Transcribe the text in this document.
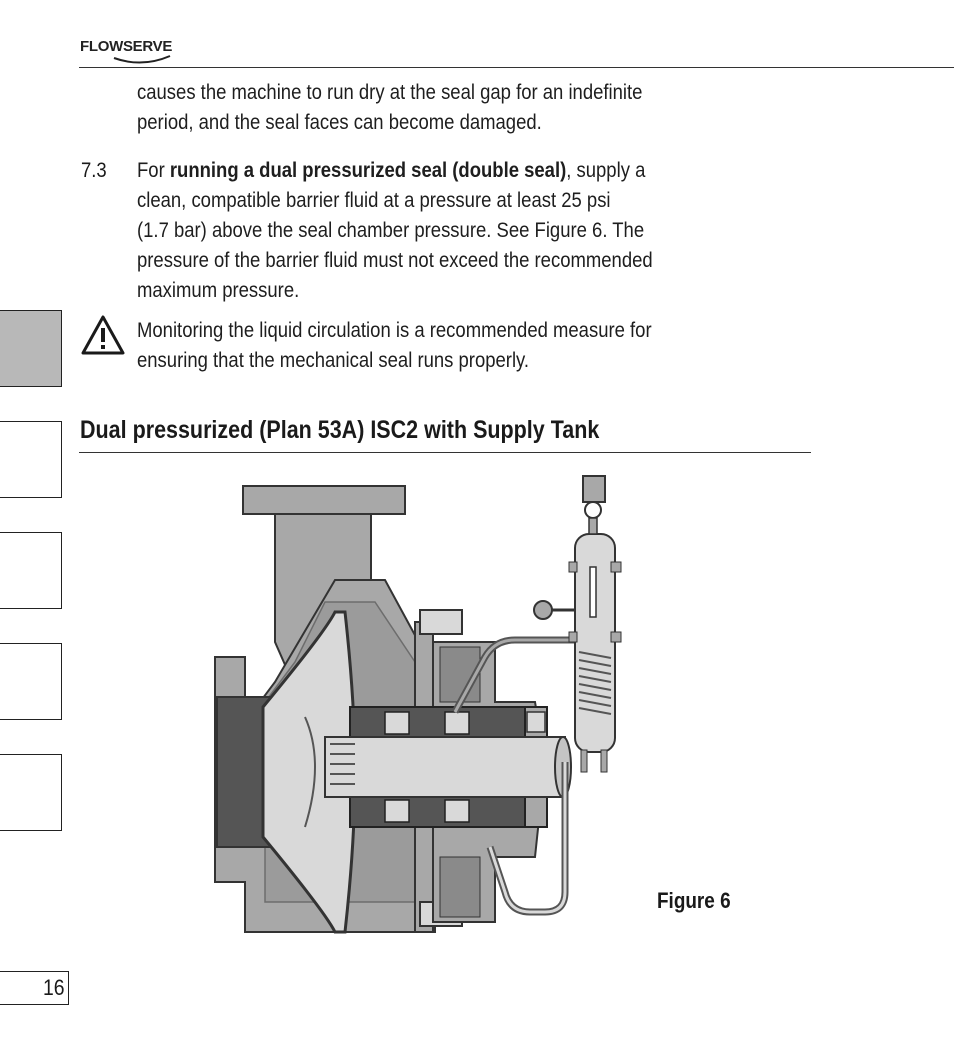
FLOWSERVE
causes the machine to run dry at the seal gap for an indefinite
period, and the seal faces can become damaged.
7.3 For running a dual pressurized seal (double seal), supply a
clean, compatible barrier fluid at a pressure at least 25 psi
(1.7 bar) above the seal chamber pressure. See Figure 6. The
pressure of the barrier fluid must not exceed the recommended
maximum pressure.
Monitoring the liquid circulation is a recommended measure for
ensuring that the mechanical seal runs properly.
Dual pressurized (Plan 53A) ISC2 with Supply Tank
Figure 6
16
